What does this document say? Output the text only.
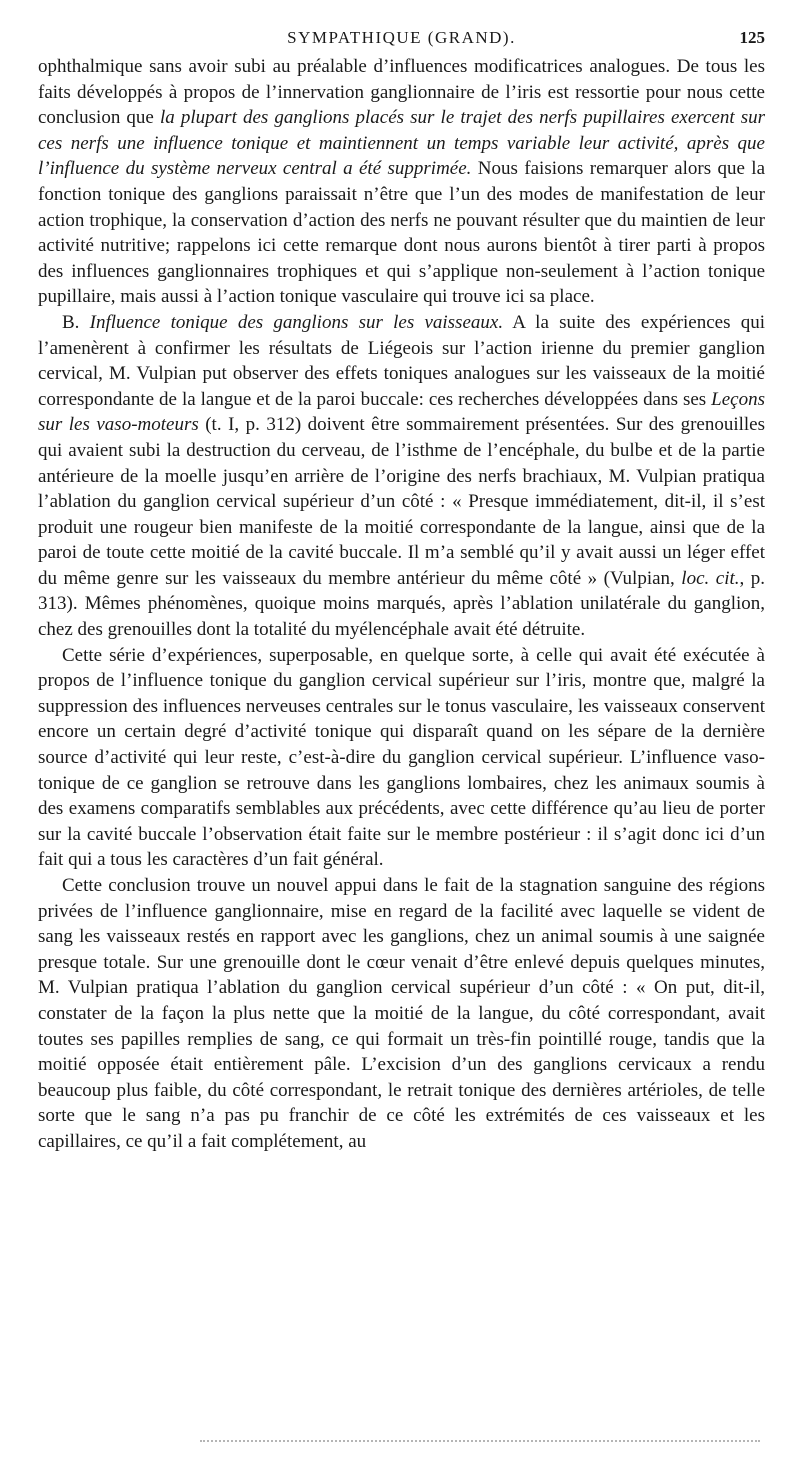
SYMPATHIQUE (GRAND).	125

ophthalmique sans avoir subi au préalable d’influences modificatrices analogues. De tous les faits développés à propos de l’innervation ganglionnaire de l’iris est ressortie pour nous cette conclusion que la plupart des ganglions placés sur le trajet des nerfs pupillaires exercent sur ces nerfs une influence tonique et maintiennent un temps variable leur activité, après que l’influence du système nerveux central a été supprimée. Nous faisions remarquer alors que la fonction tonique des ganglions paraissait n’être que l’un des modes de manifestation de leur action trophique, la conservation d’action des nerfs ne pouvant résulter que du maintien de leur activité nutritive; rappelons ici cette remarque dont nous aurons bientôt à tirer parti à propos des influences ganglionnaires trophiques et qui s’applique non-seulement à l’action tonique pupillaire, mais aussi à l’action tonique vasculaire qui trouve ici sa place.

B. Influence tonique des ganglions sur les vaisseaux. A la suite des expériences qui l’amenèrent à confirmer les résultats de Liégeois sur l’action irienne du premier ganglion cervical, M. Vulpian put observer des effets toniques analogues sur les vaisseaux de la moitié correspondante de la langue et de la paroi buccale: ces recherches développées dans ses Leçons sur les vaso-moteurs (t. I, p. 312) doivent être sommairement présentées. Sur des grenouilles qui avaient subi la destruction du cerveau, de l’isthme de l’encéphale, du bulbe et de la partie antérieure de la moelle jusqu’en arrière de l’origine des nerfs brachiaux, M. Vulpian pratiqua l’ablation du ganglion cervical supérieur d’un côté : « Presque immédiatement, dit-il, il s’est produit une rougeur bien manifeste de la moitié correspondante de la langue, ainsi que de la paroi de toute cette moitié de la cavité buccale. Il m’a semblé qu’il y avait aussi un léger effet du même genre sur les vaisseaux du membre antérieur du même côté » (Vulpian, loc. cit., p. 313). Mêmes phénomènes, quoique moins marqués, après l’ablation unilatérale du ganglion, chez des grenouilles dont la totalité du myélencéphale avait été détruite.

Cette série d’expériences, superposable, en quelque sorte, à celle qui avait été exécutée à propos de l’influence tonique du ganglion cervical supérieur sur l’iris, montre que, malgré la suppression des influences nerveuses centrales sur le tonus vasculaire, les vaisseaux conservent encore un certain degré d’activité tonique qui disparaît quand on les sépare de la dernière source d’activité qui leur reste, c’est-à-dire du ganglion cervical supérieur. L’influence vaso-tonique de ce ganglion se retrouve dans les ganglions lombaires, chez les animaux soumis à des examens comparatifs semblables aux précédents, avec cette différence qu’au lieu de porter sur la cavité buccale l’observation était faite sur le membre postérieur : il s’agit donc ici d’un fait qui a tous les caractères d’un fait général.

Cette conclusion trouve un nouvel appui dans le fait de la stagnation sanguine des régions privées de l’influence ganglionnaire, mise en regard de la facilité avec laquelle se vident de sang les vaisseaux restés en rapport avec les ganglions, chez un animal soumis à une saignée presque totale. Sur une grenouille dont le cœur venait d’être enlevé depuis quelques minutes, M. Vulpian pratiqua l’ablation du ganglion cervical supérieur d’un côté : « On put, dit-il, constater de la façon la plus nette que la moitié de la langue, du côté correspondant, avait toutes ses papilles remplies de sang, ce qui formait un très-fin pointillé rouge, tandis que la moitié opposée était entièrement pâle. L’excision d’un des ganglions cervicaux a rendu beaucoup plus faible, du côté correspondant, le retrait tonique des dernières artérioles, de telle sorte que le sang n’a pas pu franchir de ce côté les extrémités de ces vaisseaux et les capillaires, ce qu’il a fait complétement, au
